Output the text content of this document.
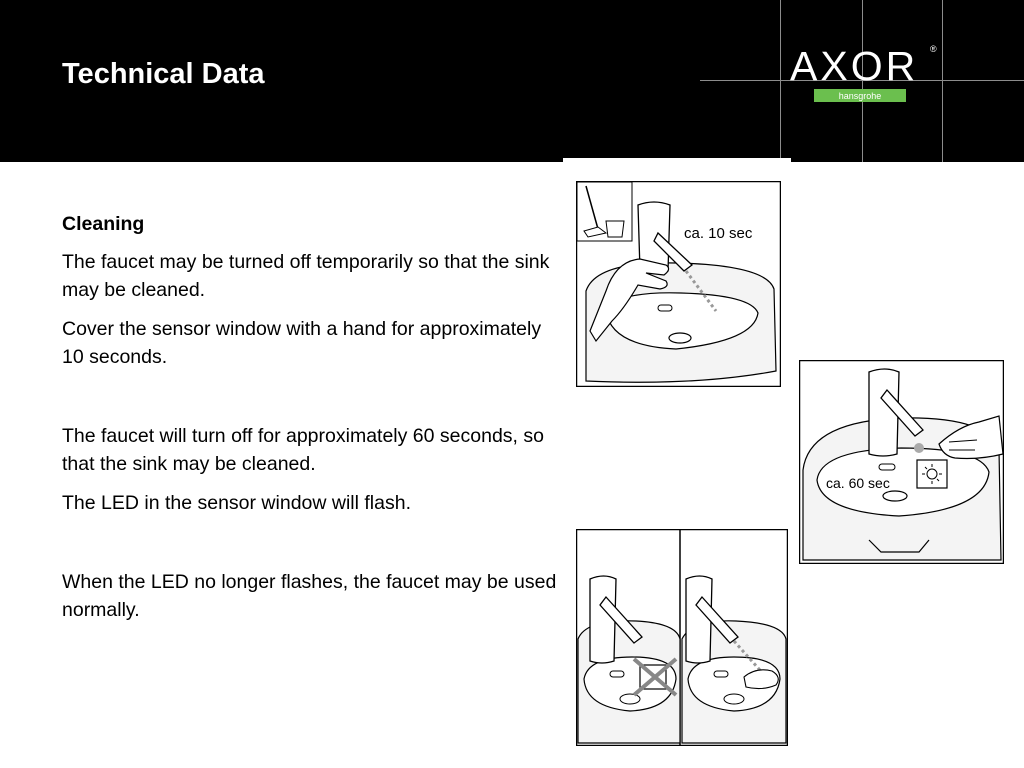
Technical Data	AXOR ®
hansgrohe

Cleaning

The faucet may be turned off temporarily so that the sink may be cleaned.

Cover the sensor window with a hand for approximately 10 seconds.

The faucet will turn off for approximately 60 seconds, so that the sink may be cleaned.

The LED in the sensor window will flash.

When the LED no longer flashes, the faucet may be used normally.

ca. 10 sec
ca. 60 sec
